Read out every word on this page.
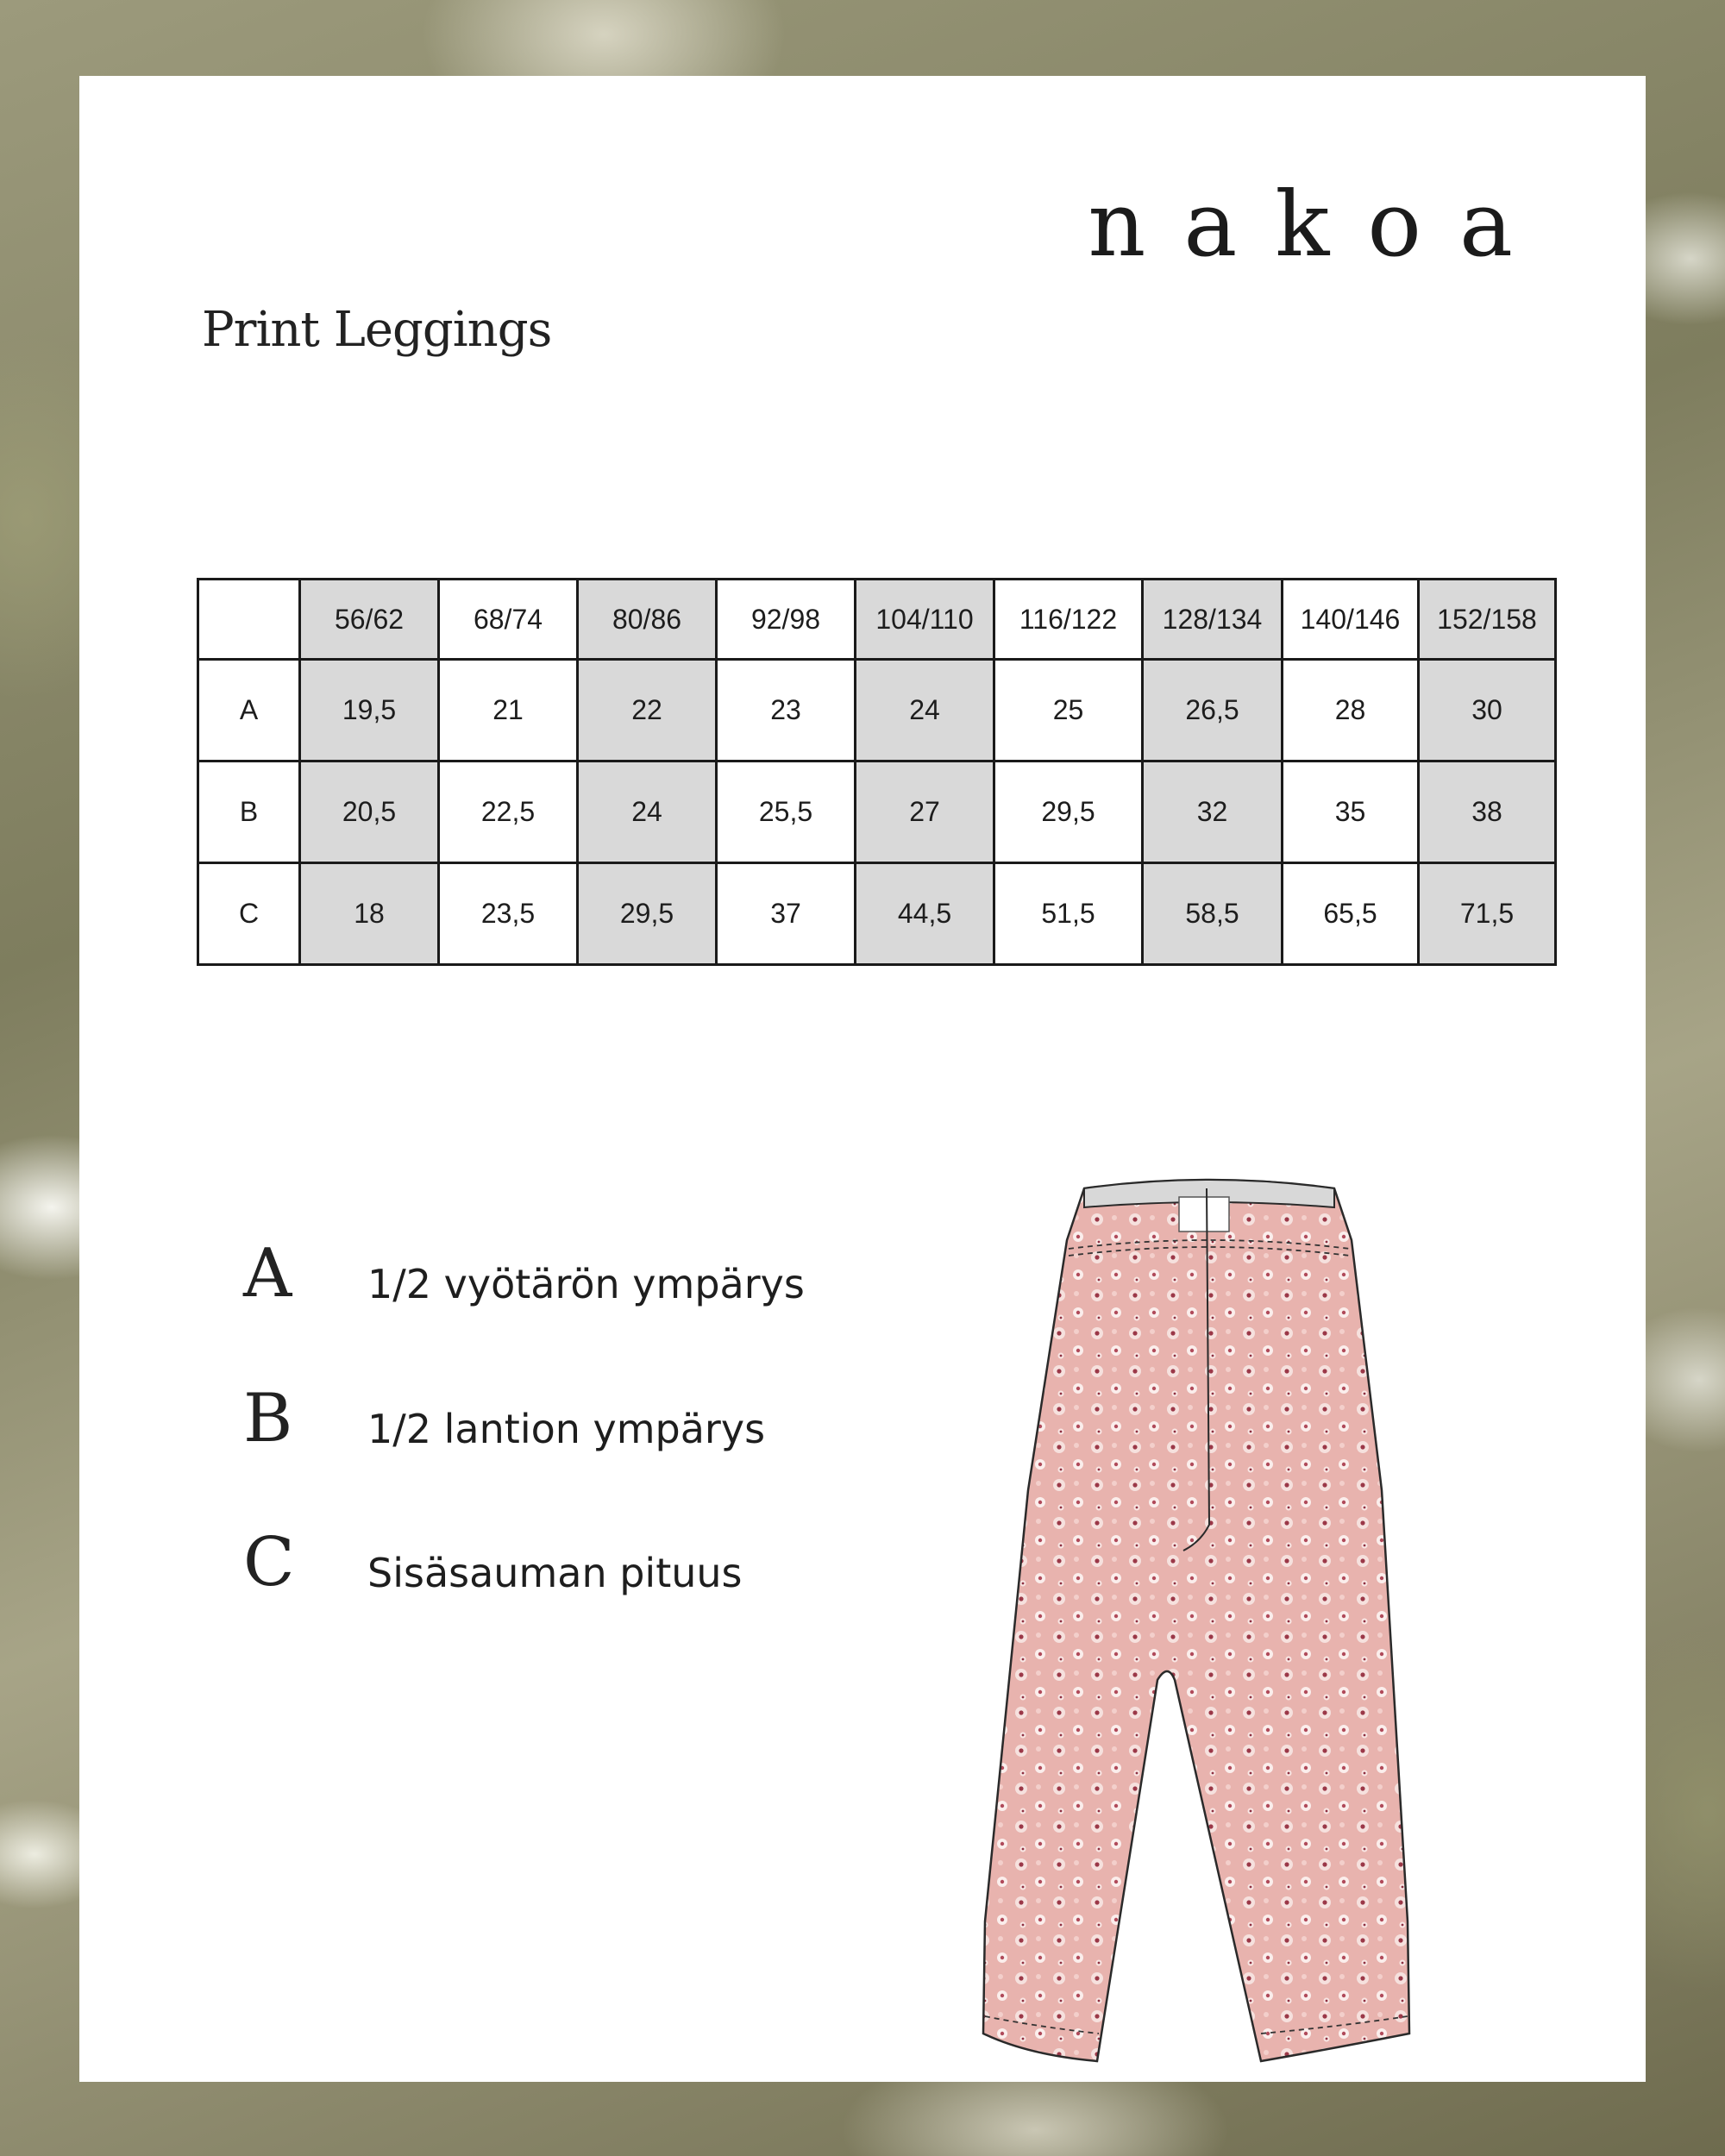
nakoa
Print Leggings
	56/62	68/74	80/86	92/98	104/110	116/122	128/134	140/146	152/158
A	19,5	21	22	23	24	25	26,5	28	30
B	20,5	22,5	24	25,5	27	29,5	32	35	38
C	18	23,5	29,5	37	44,5	51,5	58,5	65,5	71,5
A 1/2 vyötärön ympärys
B 1/2 lantion ympärys
C Sisäsauman pituus
